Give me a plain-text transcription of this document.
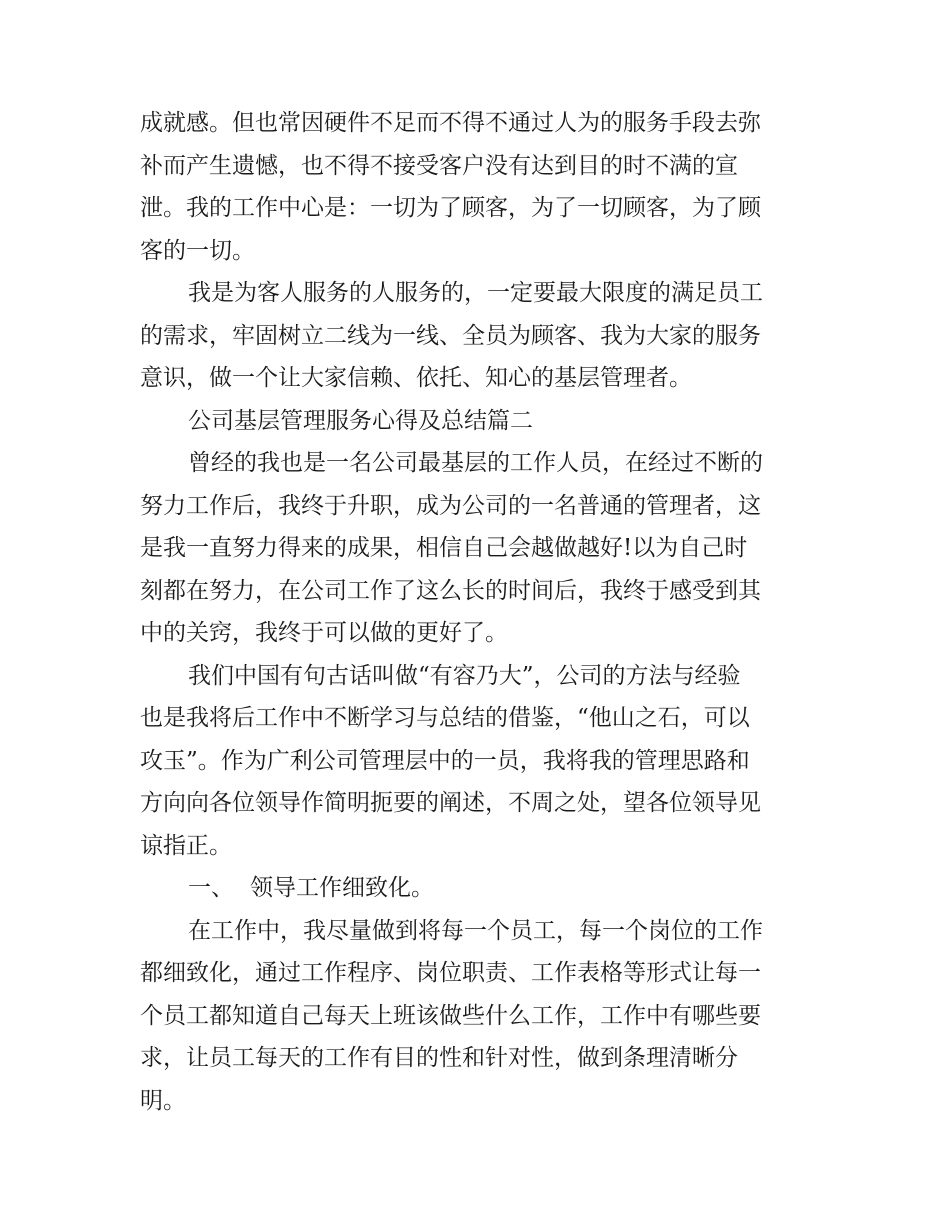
成就感。但也常因硬件不足而不得不通过人为的服务手段去弥
补而产生遗憾，也不得不接受客户没有达到目的时不满的宣
泄。我的工作中心是：一切为了顾客，为了一切顾客，为了顾
客的一切。
我是为客人服务的人服务的，一定要最大限度的满足员工
的需求，牢固树立二线为一线、全员为顾客、我为大家的服务
意识，做一个让大家信赖、依托、知心的基层管理者。
公司基层管理服务心得及总结篇二
曾经的我也是一名公司最基层的工作人员，在经过不断的
努力工作后，我终于升职，成为公司的一名普通的管理者，这
是我一直努力得来的成果，相信自己会越做越好!以为自己时
刻都在努力，在公司工作了这么长的时间后，我终于感受到其
中的关窍，我终于可以做的更好了。
我们中国有句古话叫做“有容乃大”，公司的方法与经验
也是我将后工作中不断学习与总结的借鉴，“他山之石，可以
攻玉”。作为广利公司管理层中的一员，我将我的管理思路和
方向向各位领导作简明扼要的阐述，不周之处，望各位领导见
谅指正。
一、 领导工作细致化。
在工作中，我尽量做到将每一个员工，每一个岗位的工作
都细致化，通过工作程序、岗位职责、工作表格等形式让每一
个员工都知道自己每天上班该做些什么工作，工作中有哪些要
求，让员工每天的工作有目的性和针对性，做到条理清晰分
明。
